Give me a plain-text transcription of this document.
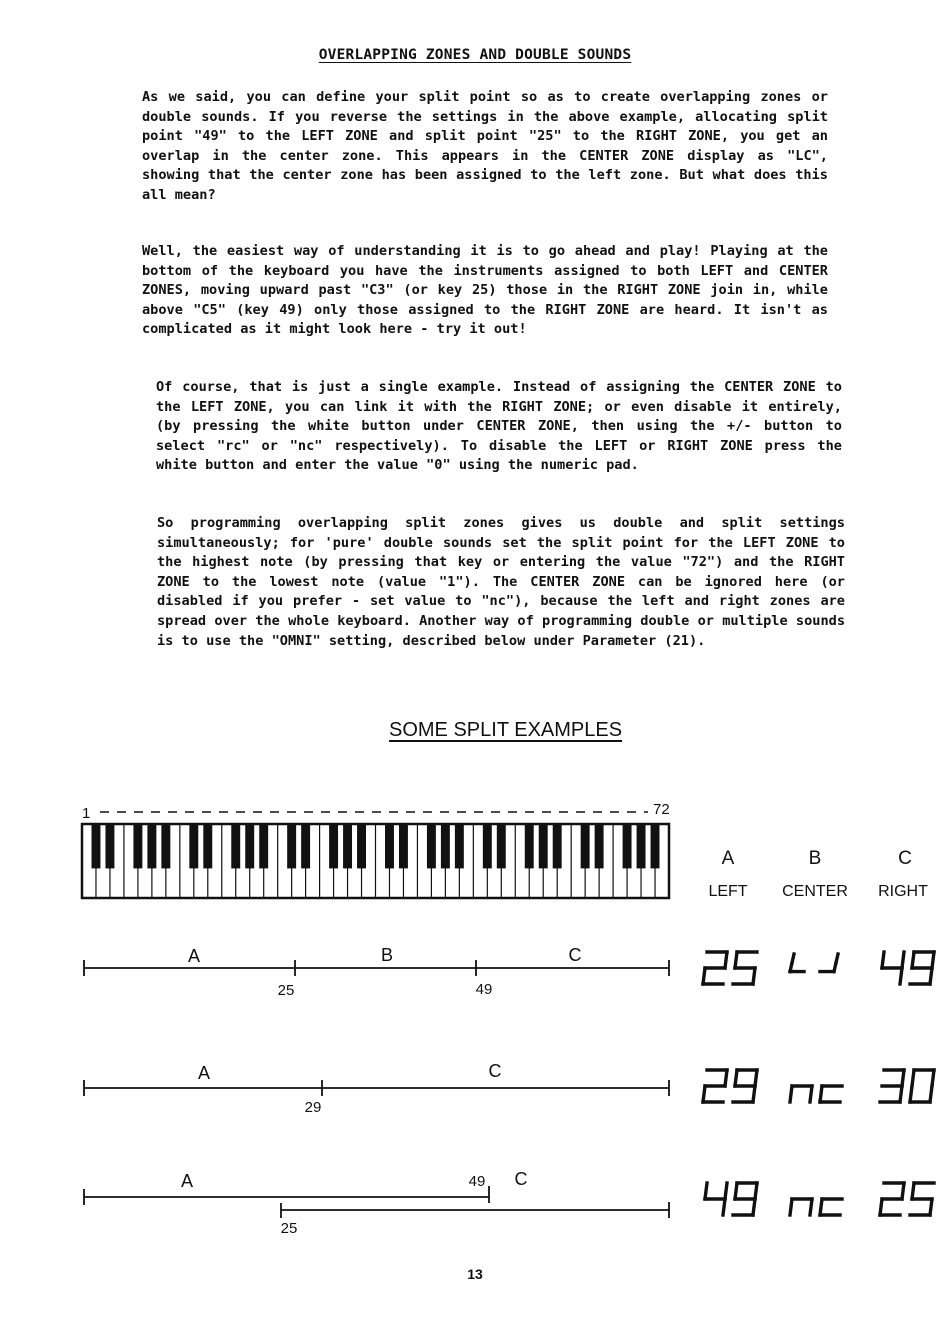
OVERLAPPING ZONES AND DOUBLE SOUNDS
As we said, you can define your split point so as to create overlapping zones or double sounds. If you reverse the settings in the above example, allocating split point "49" to the LEFT ZONE and split point "25" to the RIGHT ZONE, you get an overlap in the center zone. This appears in the CENTER ZONE display as "LC", showing that the center zone has been assigned to the left zone. But what does this all mean?
Well, the easiest way of understanding it is to go ahead and play! Playing at the bottom of the keyboard you have the instruments assigned to both LEFT and CENTER ZONES, moving upward past "C3" (or key 25) those in the RIGHT ZONE join in, while above "C5" (key 49) only those assigned to the RIGHT ZONE are heard. It isn't as complicated as it might look here - try it out!
Of course, that is just a single example. Instead of assigning the CENTER ZONE to the LEFT ZONE, you can link it with the RIGHT ZONE; or even disable it entirely, (by pressing the white button under CENTER ZONE, then using the +/- button to select "rc" or "nc" respectively). To disable the LEFT or RIGHT ZONE press the white button and enter the value "0" using the numeric pad.
So programming overlapping split zones gives us double and split settings simultaneously; for 'pure' double sounds set the split point for the LEFT ZONE to the highest note (by pressing that key or entering the value "72") and the RIGHT ZONE to the lowest note (value "1"). The CENTER ZONE can be ignored here (or disabled if you prefer - set value to "nc"), because the left and right zones are spread over the whole keyboard. Another way of programming double or multiple sounds is to use the "OMNI" setting, described below under Parameter (21).
SOME SPLIT EXAMPLES
1	72
A	B	C
LEFT CENTER RIGHT
A	B	C
25	49
A	C
29
A	C
49
25
13
